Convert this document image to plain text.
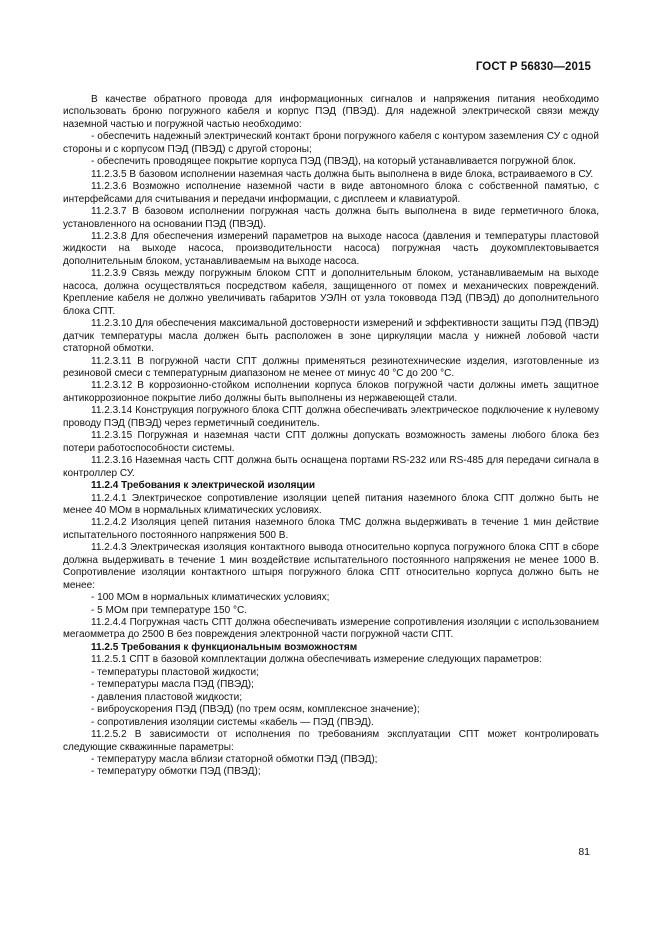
ГОСТ Р 56830—2015

В качестве обратного провода для информационных сигналов и напряжения питания необходимо использовать броню погружного кабеля и корпус ПЭД (ПВЭД). Для надежной электрической связи между наземной частью и погружной частью необходимо:

- обеспечить надежный электрический контакт брони погружного кабеля с контуром заземления СУ с одной стороны и с корпусом ПЭД (ПВЭД) с другой стороны;

- обеспечить проводящее покрытие корпуса ПЭД (ПВЭД), на который устанавливается погружной блок.

11.2.3.5 В базовом исполнении наземная часть должна быть выполнена в виде блока, встраиваемого в СУ.

11.2.3.6 Возможно исполнение наземной части в виде автономного блока с собственной памятью, с интерфейсами для считывания и передачи информации, с дисплеем и клавиатурой.

11.2.3.7 В базовом исполнении погружная часть должна быть выполнена в виде герметичного блока, установленного на основании ПЭД (ПВЭД).

11.2.3.8 Для обеспечения измерений параметров на выходе насоса (давления и температуры пластовой жидкости на выходе насоса, производительности насоса) погружная часть доукомплектовывается дополнительным блоком, устанавливаемым на выходе насоса.

11.2.3.9 Связь между погружным блоком СПТ и дополнительным блоком, устанавливаемым на выходе насоса, должна осуществляться посредством кабеля, защищенного от помех и механических повреждений. Крепление кабеля не должно увеличивать габаритов УЭЛН от узла токоввода ПЭД (ПВЭД) до дополнительного блока СПТ.

11.2.3.10 Для обеспечения максимальной достоверности измерений и эффективности защиты ПЭД (ПВЭД) датчик температуры масла должен быть расположен в зоне циркуляции масла у нижней лобовой части статорной обмотки.

11.2.3.11 В погружной части СПТ должны применяться резинотехнические изделия, изготовленные из резиновой смеси с температурным диапазоном не менее от минус 40 °С до 200 °С.

11.2.3.12 В коррозионно-стойком исполнении корпуса блоков погружной части должны иметь защитное антикоррозионное покрытие либо должны быть выполнены из нержавеющей стали.

11.2.3.14 Конструкция погружного блока СПТ должна обеспечивать электрическое подключение к нулевому проводу ПЭД (ПВЭД) через герметичный соединитель.

11.2.3.15 Погружная и наземная части СПТ должны допускать возможность замены любого блока без потери работоспособности системы.

11.2.3.16 Наземная часть СПТ должна быть оснащена портами RS-232 или RS-485 для передачи сигнала в контроллер СУ.

11.2.4 Требования к электрической изоляции

11.2.4.1 Электрическое сопротивление изоляции цепей питания наземного блока СПТ должно быть не менее 40 МОм в нормальных климатических условиях.

11.2.4.2 Изоляция цепей питания наземного блока ТМС должна выдерживать в течение 1 мин действие испытательного постоянного напряжения 500 В.

11.2.4.3 Электрическая изоляция контактного вывода относительно корпуса погружного блока СПТ в сборе должна выдерживать в течение 1 мин воздействие испытательного постоянного напряжения не менее 1000 В. Сопротивление изоляции контактного штыря погружного блока СПТ относительно корпуса должно быть не менее:

- 100 МОм в нормальных климатических условиях;

- 5 МОм при температуре 150 °С.

11.2.4.4 Погружная часть СПТ должна обеспечивать измерение сопротивления изоляции с использованием мегаомметра до 2500 В без повреждения электронной части погружной части СПТ.

11.2.5 Требования к функциональным возможностям

11.2.5.1 СПТ в базовой комплектации должна обеспечивать измерение следующих параметров:

- температуры пластовой жидкости;

- температуры масла ПЭД (ПВЭД);

- давления пластовой жидкости;

- виброускорения ПЭД (ПВЭД) (по трем осям, комплексное значение);

- сопротивления изоляции системы «кабель — ПЭД (ПВЭД).

11.2.5.2 В зависимости от исполнения по требованиям эксплуатации СПТ может контролировать следующие скважинные параметры:

- температуру масла вблизи статорной обмотки ПЭД (ПВЭД);

- температуру обмотки ПЭД (ПВЭД);

81
